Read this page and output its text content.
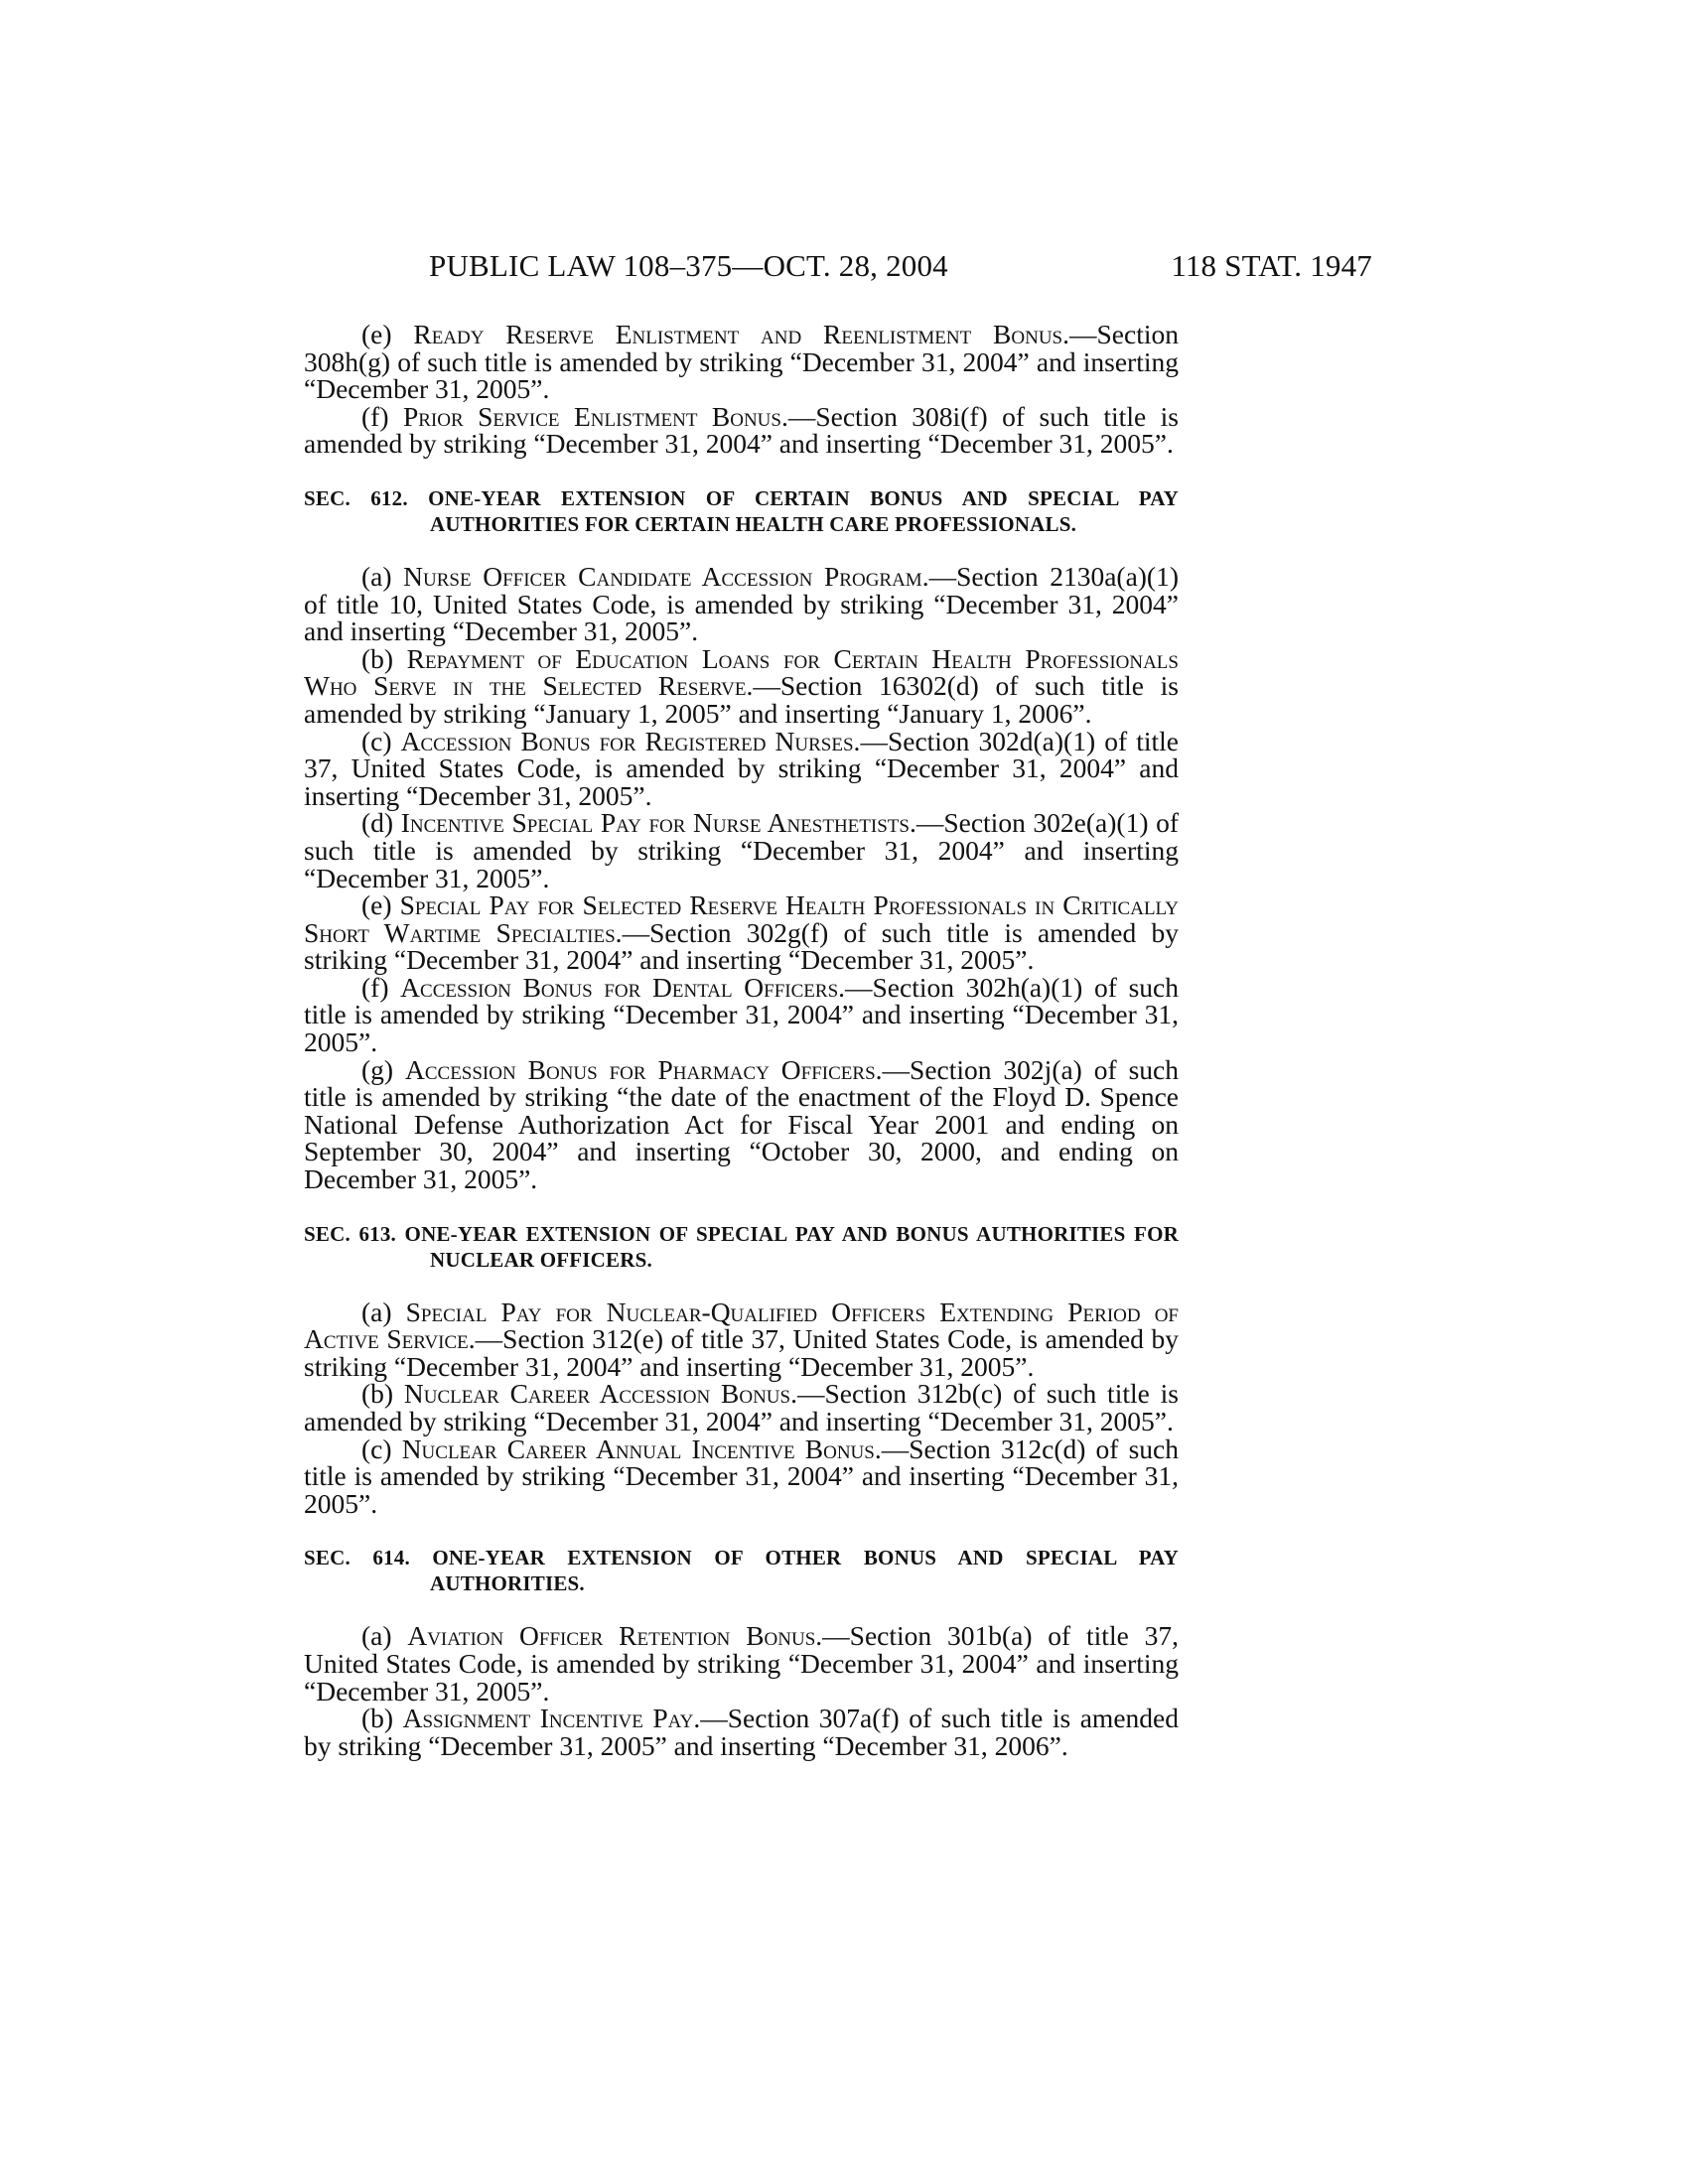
PUBLIC LAW 108–375—OCT. 28, 2004	118 STAT. 1947

(e) Ready Reserve Enlistment and Reenlistment Bonus.—Section 308h(g) of such title is amended by striking “December 31, 2004” and inserting “December 31, 2005”.

(f) Prior Service Enlistment Bonus.—Section 308i(f) of such title is amended by striking “December 31, 2004” and inserting “December 31, 2005”.

SEC. 612. ONE-YEAR EXTENSION OF CERTAIN BONUS AND SPECIAL PAY AUTHORITIES FOR CERTAIN HEALTH CARE PROFESSIONALS.

(a) Nurse Officer Candidate Accession Program.—Section 2130a(a)(1) of title 10, United States Code, is amended by striking “December 31, 2004” and inserting “December 31, 2005”.

(b) Repayment of Education Loans for Certain Health Professionals Who Serve in the Selected Reserve.—Section 16302(d) of such title is amended by striking “January 1, 2005” and inserting “January 1, 2006”.

(c) Accession Bonus for Registered Nurses.—Section 302d(a)(1) of title 37, United States Code, is amended by striking “December 31, 2004” and inserting “December 31, 2005”.

(d) Incentive Special Pay for Nurse Anesthetists.—Section 302e(a)(1) of such title is amended by striking “December 31, 2004” and inserting “December 31, 2005”.

(e) Special Pay for Selected Reserve Health Professionals in Critically Short Wartime Specialties.—Section 302g(f) of such title is amended by striking “December 31, 2004” and inserting “December 31, 2005”.

(f) Accession Bonus for Dental Officers.—Section 302h(a)(1) of such title is amended by striking “December 31, 2004” and inserting “December 31, 2005”.

(g) Accession Bonus for Pharmacy Officers.—Section 302j(a) of such title is amended by striking “the date of the enactment of the Floyd D. Spence National Defense Authorization Act for Fiscal Year 2001 and ending on September 30, 2004” and inserting “October 30, 2000, and ending on December 31, 2005”.

SEC. 613. ONE-YEAR EXTENSION OF SPECIAL PAY AND BONUS AUTHORITIES FOR NUCLEAR OFFICERS.

(a) Special Pay for Nuclear-Qualified Officers Extending Period of Active Service.—Section 312(e) of title 37, United States Code, is amended by striking “December 31, 2004” and inserting “December 31, 2005”.

(b) Nuclear Career Accession Bonus.—Section 312b(c) of such title is amended by striking “December 31, 2004” and inserting “December 31, 2005”.

(c) Nuclear Career Annual Incentive Bonus.—Section 312c(d) of such title is amended by striking “December 31, 2004” and inserting “December 31, 2005”.

SEC. 614. ONE-YEAR EXTENSION OF OTHER BONUS AND SPECIAL PAY AUTHORITIES.

(a) Aviation Officer Retention Bonus.—Section 301b(a) of title 37, United States Code, is amended by striking “December 31, 2004” and inserting “December 31, 2005”.

(b) Assignment Incentive Pay.—Section 307a(f) of such title is amended by striking “December 31, 2005” and inserting “December 31, 2006”.
